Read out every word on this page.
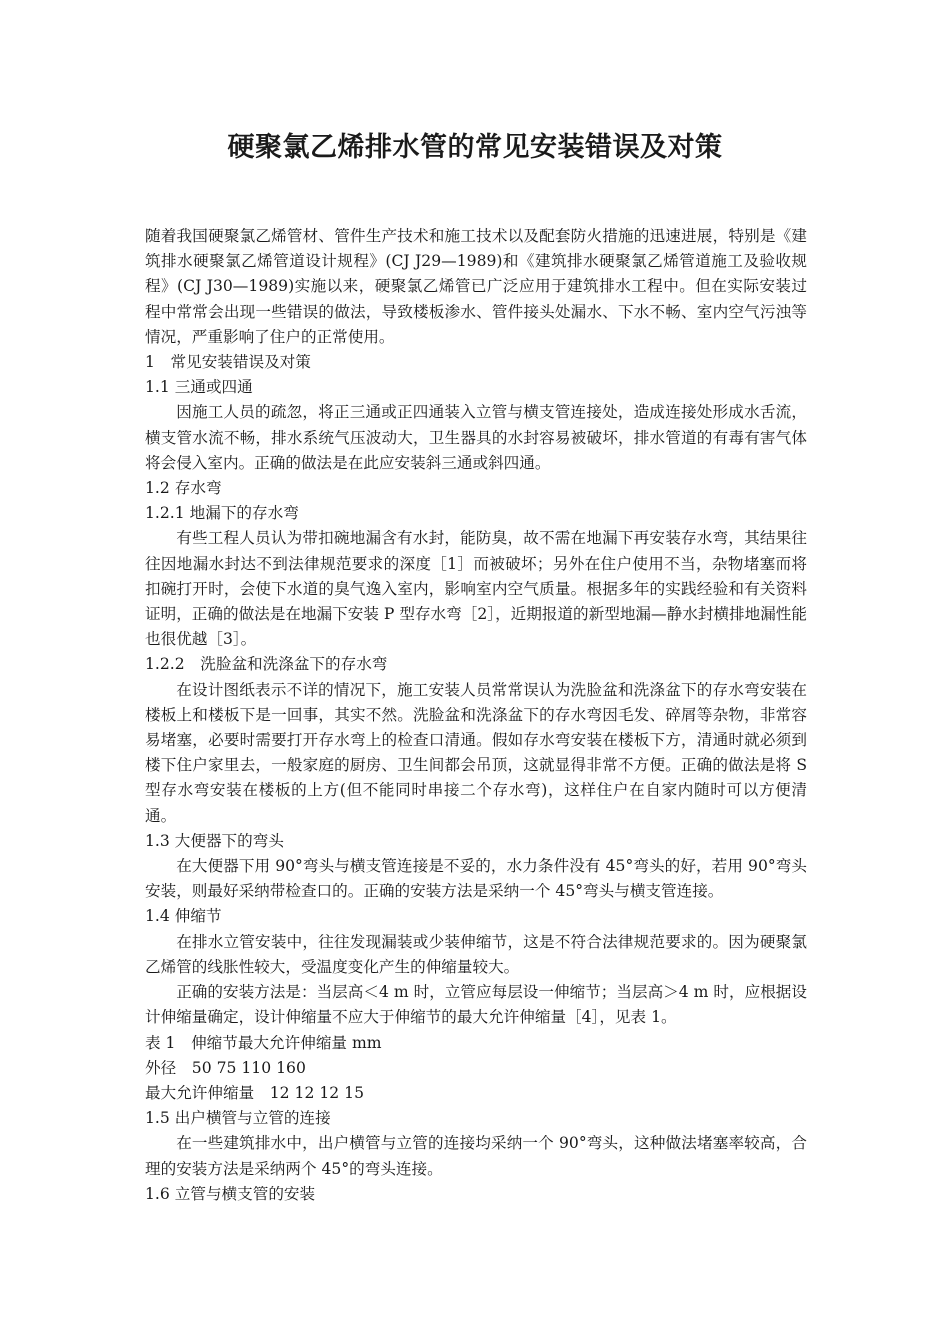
硬聚氯乙烯排水管的常见安装错误及对策

随着我国硬聚氯乙烯管材、管件生产技术和施工技术以及配套防火措施的迅速进展，特别是《建筑排水硬聚氯乙烯管道设计规程》(CJ J29—1989)和《建筑排水硬聚氯乙烯管道施工及验收规程》(CJ J30—1989)实施以来，硬聚氯乙烯管已广泛应用于建筑排水工程中。但在实际安装过程中常常会出现一些错误的做法，导致楼板渗水、管件接头处漏水、下水不畅、室内空气污浊等情况，严重影响了住户的正常使用。

1　常见安装错误及对策

1.1 三通或四通

因施工人员的疏忽，将正三通或正四通装入立管与横支管连接处，造成连接处形成水舌流，横支管水流不畅，排水系统气压波动大，卫生器具的水封容易被破坏，排水管道的有毒有害气体将会侵入室内。正确的做法是在此应安装斜三通或斜四通。

1.2 存水弯

1.2.1 地漏下的存水弯

有些工程人员认为带扣碗地漏含有水封，能防臭，故不需在地漏下再安装存水弯，其结果往往因地漏水封达不到法律规范要求的深度［1］而被破坏；另外在住户使用不当，杂物堵塞而将扣碗打开时，会使下水道的臭气逸入室内，影响室内空气质量。根据多年的实践经验和有关资料证明，正确的做法是在地漏下安装 P 型存水弯［2］，近期报道的新型地漏—静水封横排地漏性能也很优越［3］。

1.2.2　洗脸盆和洗涤盆下的存水弯

在设计图纸表示不详的情况下，施工安装人员常常误认为洗脸盆和洗涤盆下的存水弯安装在楼板上和楼板下是一回事，其实不然。洗脸盆和洗涤盆下的存水弯因毛发、碎屑等杂物，非常容易堵塞，必要时需要打开存水弯上的检查口清通。假如存水弯安装在楼板下方，清通时就必须到楼下住户家里去，一般家庭的厨房、卫生间都会吊顶，这就显得非常不方便。正确的做法是将 S 型存水弯安装在楼板的上方(但不能同时串接二个存水弯)，这样住户在自家内随时可以方便清通。

1.3 大便器下的弯头

在大便器下用 90°弯头与横支管连接是不妥的，水力条件没有 45°弯头的好，若用 90°弯头安装，则最好采纳带检查口的。正确的安装方法是采纳一个 45°弯头与横支管连接。

1.4 伸缩节

在排水立管安装中，往往发现漏装或少装伸缩节，这是不符合法律规范要求的。因为硬聚氯乙烯管的线胀性较大，受温度变化产生的伸缩量较大。

正确的安装方法是：当层高＜4 m 时，立管应每层设一伸缩节；当层高＞4 m 时，应根据设计伸缩量确定，设计伸缩量不应大于伸缩节的最大允许伸缩量［4］，见表 1。

表 1　伸缩节最大允许伸缩量 mm

外径　50 75 110 160

最大允许伸缩量　12 12 12 15

1.5 出户横管与立管的连接

在一些建筑排水中，出户横管与立管的连接均采纳一个 90°弯头，这种做法堵塞率较高，合理的安装方法是采纳两个 45°的弯头连接。

1.6 立管与横支管的安装
